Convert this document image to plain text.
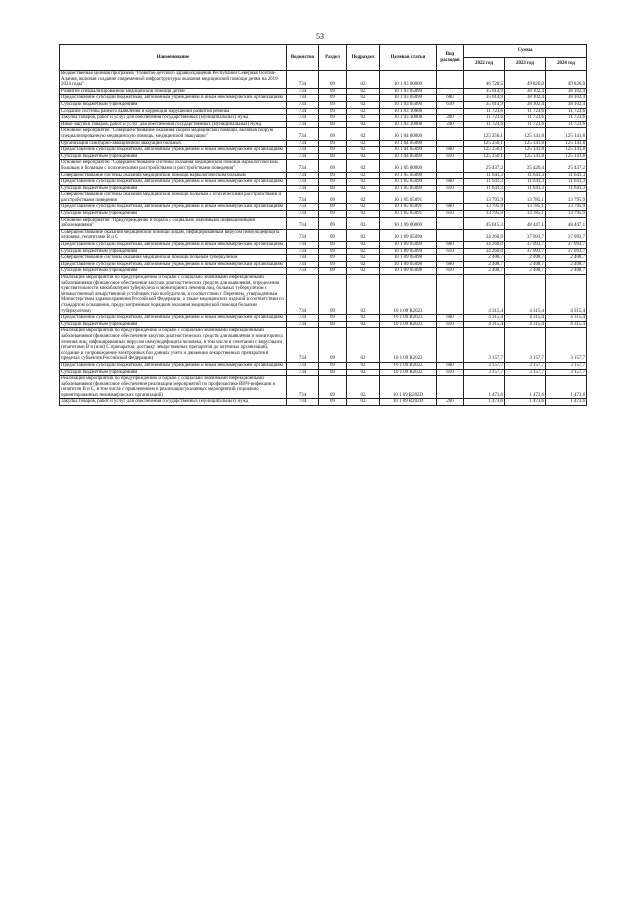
53
Наименование	Ведомство	Раздел	Подраздел	Целевая статья	Вид расходов	Сумма		
						2022 год	2023 год	2024 год
Ведомственная целевая программа "Развитие детского здравоохранения Республики Северная Осетия-Алания, включая создание современной инфраструктуры оказания медицинской помощи детям на 2019-2024 годы"	734	09	02	10 1 03 00000		46 728,5	49 826,0	49 826,0
Развитие специализированной медицинской помощи детям	734	09	02	10 1 03 05090		35 014,9	38 102,4	38 102,4
Предоставление субсидий бюджетным, автономным учреждениям и иным некоммерческим организациям	734	09	02	10 1 03 05090	600	35 014,9	38 102,4	38 102,4
Субсидии бюджетным учреждениям	734	09	02	10 1 03 05090	610	35 014,9	38 102,4	38 102,4
Создание системы раннего выявления и коррекции нарушений развития ребенка	734	09	02	10 1 03 10008		11 723,6	11 723,6	11 723,6
Закупка товаров, работ и услуг для обеспечения государственных (муниципальных) нужд	734	09	02	10 1 03 10008	200	11 723,6	11 723,6	11 723,6
Иные закупки товаров, работ и услуг для обеспечения государственных (муниципальных) нужд	734	09	02	10 1 03 10008	240	11 723,6	11 723,6	11 723,6
Основное мероприятие "Совершенствование оказания скорой медицинской помощи, включая скорую специализированную медицинскую помощь, медицинской эвакуации"	734	09	02	10 1 04 00000		125 250,1	125 141,8	125 141,8
Организация санитарно-авиационной эвакуации больных	734	09	02	10 1 04 05090		125 250,1	125 141,8	125 141,8
Предоставление субсидий бюджетным, автономным учреждениям и иным некоммерческим организациям	734	09	02	10 1 04 05090	600	125 250,1	125 141,8	125 141,8
Субсидии бюджетным учреждениям	734	09	02	10 1 04 05090	610	125 250,1	125 141,8	125 141,8
Основное мероприятие "Совершенствование системы оказания медицинской помощи наркологическим больным и больным с психическими расстройствами и расстройствами поведения"	734	09	02	10 1 05 00000		25 437,2	25 426,4	25 437,2
Совершенствование системы оказания медицинской помощи наркологическим больным	734	09	02	10 1 05 05090		11 641,3	11 641,3	11 641,3
Предоставление субсидий бюджетным, автономным учреждениям и иным некоммерческим организациям	734	09	02	10 1 05 05090	600	11 641,3	11 641,3	11 641,3
Субсидии бюджетным учреждениям	734	09	02	10 1 05 05090	610	11 641,3	11 641,3	11 641,3
Совершенствование системы оказания медицинской помощи больным с психическими расстройствами и расстройствами поведения	734	09	02	10 1 05 05091		13 795,9	13 785,1	13 795,9
Предоставление субсидий бюджетным, автономным учреждениям и иным некоммерческим организациям	734	09	02	10 1 05 05091	600	13 795,9	13 785,1	13 795,9
Субсидии бюджетным учреждениям	734	09	02	10 1 05 05091	610	13 795,9	13 785,1	13 795,9
Основное мероприятие "Предупреждение и борьба с социально значимыми инфекционными заболеваниями"	734	09	02	10 1 09 00000		45 615,3	48 447,1	48 447,1
Совершенствование оказания медицинской помощи лицам, инфицированным вирусом иммунодефицита человека, гепатитами В и С	734	09	02	10 1 09 05090		34 260,0	37 093,7	37 093,7
Предоставление субсидий бюджетным, автономным учреждениям и иным некоммерческим организациям	734	09	02	10 1 09 05090	600	34 260,0	37 093,7	37 093,7
Субсидии бюджетным учреждениям	734	09	02	10 1 09 05090	610	34 260,0	37 093,7	37 093,7
Совершенствование системы оказания медицинской помощи больным туберкулезом	734	09	02	10 1 09 05098		2 408,7	2 408,7	2 408,7
Предоставление субсидий бюджетным, автономным учреждениям и иным некоммерческим организациям	734	09	02	10 1 09 05098	600	2 408,7	2 408,7	2 408,7
Субсидии бюджетным учреждениям	734	09	02	10 1 09 05098	610	2 408,7	2 408,7	2 408,7
Реализация мероприятий по предупреждению и борьбе с социально значимыми инфекционными заболеваниями (финансовое обеспечение закупок диагностических средств для выявления, определения чувствительности микобактерии туберкулеза и мониторинга лечения лиц, больных туберкулезом с множественной лекарственной устойчивостью возбудителя, в соответствии с Перечнем, утвержденным Министерством здравоохранения Российской Федерации, а также медицинских изделий в соответствии со стандартом оснащения, предусмотренным порядком оказания медицинской помощи больным туберкулезом)	734	09	02	10 1 09 R2023		4 315,4	4 315,4	4 315,4
Предоставление субсидий бюджетным, автономным учреждениям и иным некоммерческим организациям	734	09	02	10 1 09 R2023	600	4 315,4	4 315,4	4 315,4
Субсидии бюджетным учреждениям	734	09	02	10 1 09 R2023	610	4 315,4	4 315,4	4 315,4
Реализация мероприятий по предупреждению и борьбе с социально значимыми инфекционными заболеваниями (финансовое обеспечение закупок диагностических средств для выявления и мониторинга лечения лиц, инфицированных вирусом иммунодефицита человека, в том числе в сочетании с вирусными гепатитами В и (или) С препаратов, доставку лекарственных препаратов до аптечных организаций, создание и сопровождение электронных баз данных учета и движения лекарственных препаратов в пределах субъектов Российской Федерации)	734	09	02	10 1 09 R2022		3 157,7	3 157,7	3 157,7
Предоставление субсидий бюджетным, автономным учреждениям и иным некоммерческим организациям	734	09	02	10 1 09 R2022	600	3 157,7	3 157,7	3 157,7
Субсидии бюджетным учреждениям	734	09	02	10 1 09 R2022	610	3 157,7	3 157,7	3 157,7
Реализация мероприятий по предупреждению и борьбе с социально значимыми инфекционными заболеваниями (финансовое обеспечение реализации мероприятий по профилактике ВИЧ-инфекции и гепатитов В и С, в том числе с привлечением к реализации указанных мероприятий социально ориентированных некоммерческих организаций)	734	09	02	10 1 09 R202D		1 473,6	1 473,6	1 473,6
Закупка товаров, работ и услуг для обеспечения государственных (муниципальных) нужд	734	09	02	10 1 09 R202D	200	1 473,6	1 473,6	1 473,6
